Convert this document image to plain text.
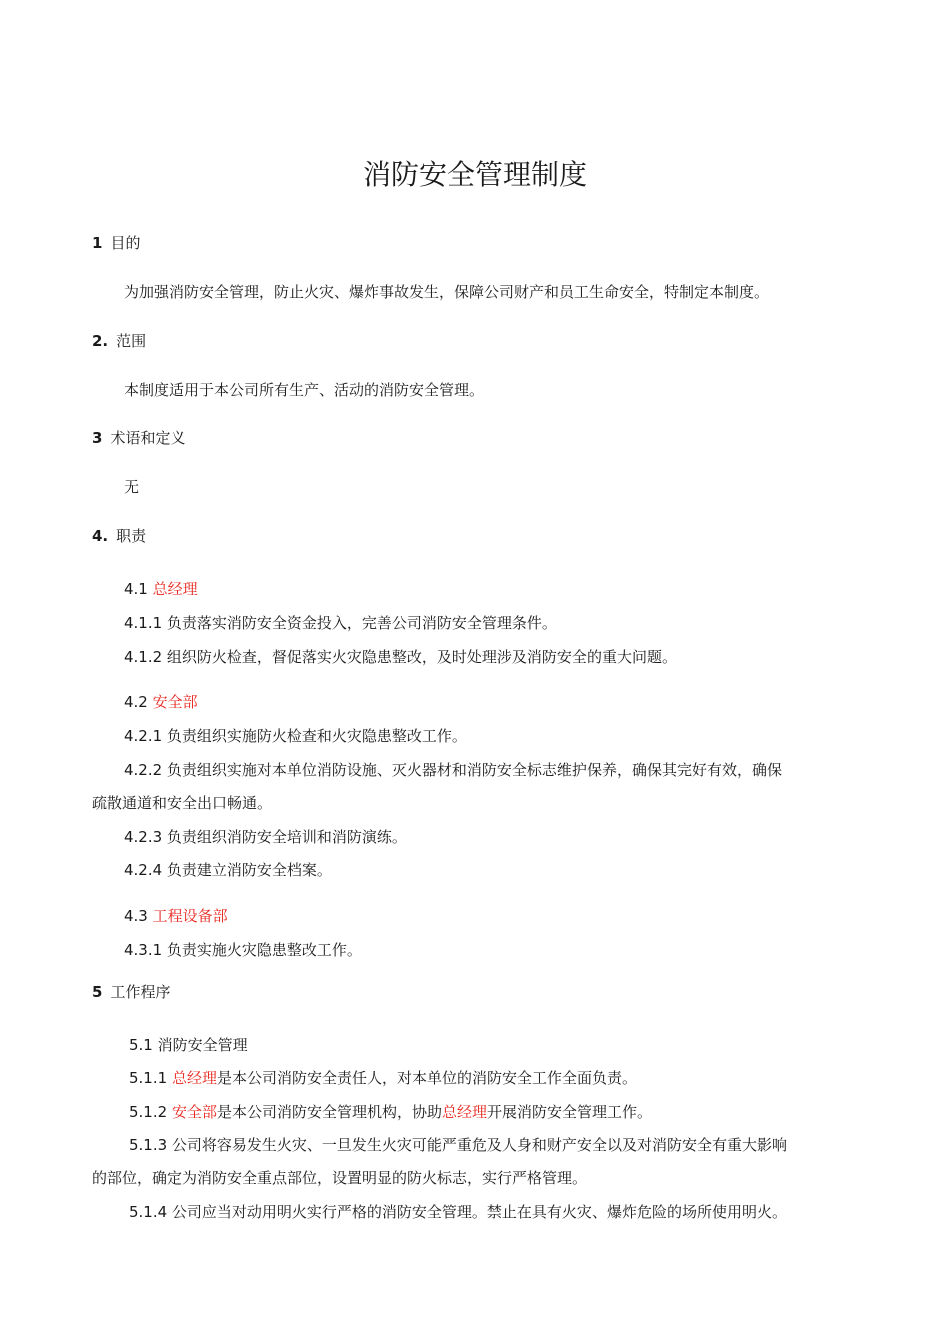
消防安全管理制度
1 目的
为加强消防安全管理，防止火灾、爆炸事故发生，保障公司财产和员工生命安全，特制定本制度。
2. 范围
本制度适用于本公司所有生产、活动的消防安全管理。
3 术语和定义
无
4. 职责
4.1 总经理
4.1.1 负责落实消防安全资金投入，完善公司消防安全管理条件。
4.1.2 组织防火检查，督促落实火灾隐患整改，及时处理涉及消防安全的重大问题。
4.2 安全部
4.2.1 负责组织实施防火检查和火灾隐患整改工作。
4.2.2 负责组织实施对本单位消防设施、灭火器材和消防安全标志维护保养，确保其完好有效，确保
疏散通道和安全出口畅通。
4.2.3 负责组织消防安全培训和消防演练。
4.2.4 负责建立消防安全档案。
4.3 工程设备部
4.3.1 负责实施火灾隐患整改工作。
5 工作程序
5.1 消防安全管理
5.1.1 总经理是本公司消防安全责任人，对本单位的消防安全工作全面负责。
5.1.2 安全部是本公司消防安全管理机构，协助总经理开展消防安全管理工作。
5.1.3 公司将容易发生火灾、一旦发生火灾可能严重危及人身和财产安全以及对消防安全有重大影响
的部位，确定为消防安全重点部位，设置明显的防火标志，实行严格管理。
5.1.4 公司应当对动用明火实行严格的消防安全管理。禁止在具有火灾、爆炸危险的场所使用明火。
